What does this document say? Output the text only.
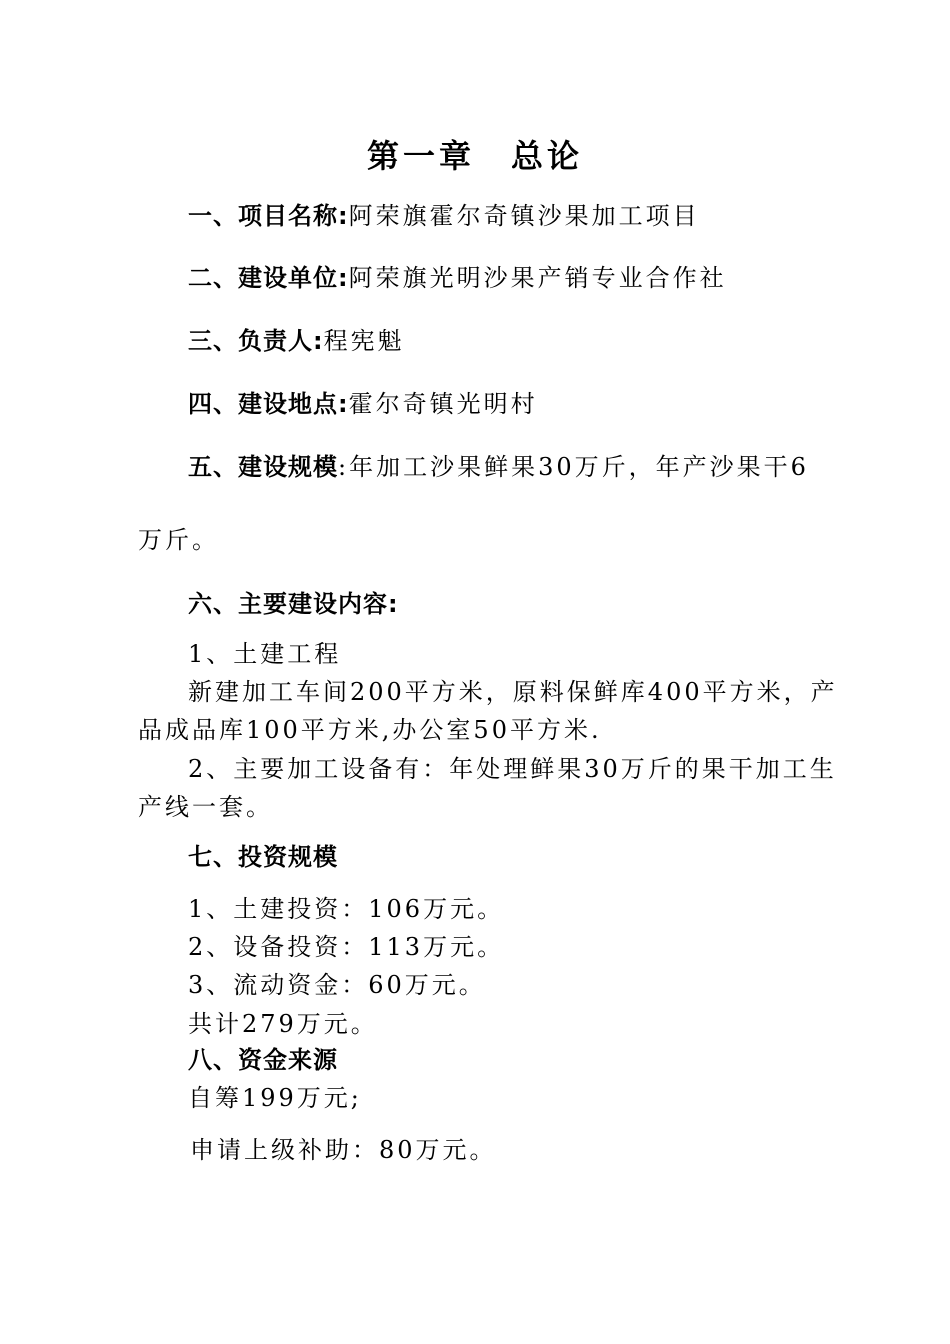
第一章 总论
一、项目名称:阿荣旗霍尔奇镇沙果加工项目
二、建设单位:阿荣旗光明沙果产销专业合作社
三、负责人:程宪魁
四、建设地点:霍尔奇镇光明村
五、建设规模:年加工沙果鲜果30万斤，年产沙果干6
万斤。
六、主要建设内容:
1、土建工程
新建加工车间200平方米，原料保鲜库400平方米，产
品成品库100平方米,办公室50平方米.
2、主要加工设备有：年处理鲜果30万斤的果干加工生
产线一套。
七、投资规模
1、土建投资：106万元。
2、设备投资：113万元。
3、流动资金：60万元。
共计279万元。
八、资金来源
自筹199万元;
申请上级补助：80万元。
